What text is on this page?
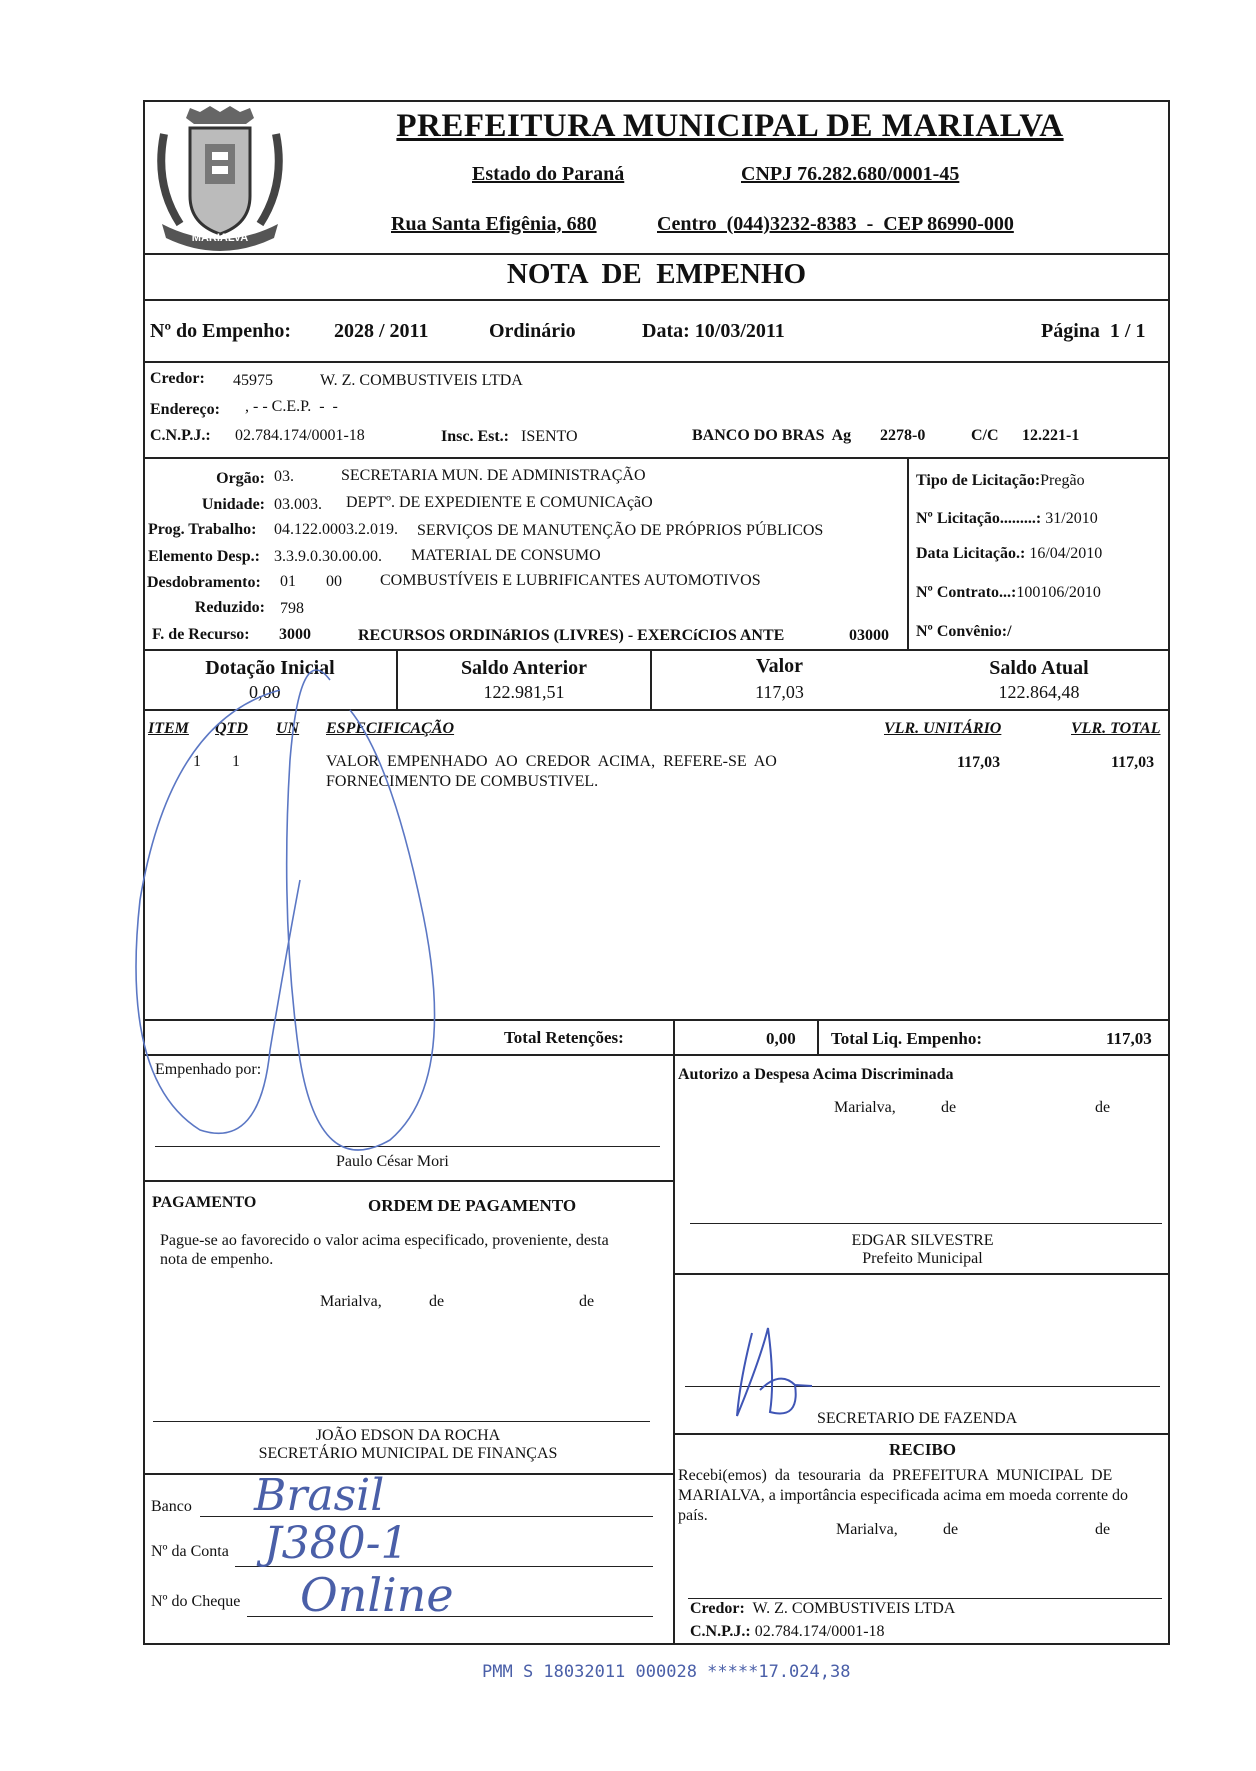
MARIALVA
PREFEITURA MUNICIPAL DE MARIALVA
Estado do Paraná	CNPJ 76.282.680/0001-45
Rua Santa Efigênia, 680	Centro  (044)3232-8383  -  CEP 86990-000
NOTA  DE  EMPENHO
Nº do Empenho: 2028 / 2011	Ordinário	Data: 10/03/2011	Página  1 / 1
Credor: 45975	W. Z. COMBUSTIVEIS LTDA
Endereço: , - - C.E.P.  -  -
C.N.P.J.: 02.784.174/0001-18	Insc. Est.: ISENTO	BANCO DO BRAS  Ag 2278-0	C/C 12.221-1
Orgão: 03.	SECRETARIA MUN. DE ADMINISTRAÇÃO
Unidade: 03.003. DEPTº. DE EXPEDIENTE E COMUNICAçãO
Prog. Trabalho: 04.122.0003.2.019. SERVIÇOS DE MANUTENÇÃO DE PRÓPRIOS PÚBLICOS
Elemento Desp.: 3.3.9.0.30.00.00. MATERIAL DE CONSUMO
Desdobramento: 01 00 COMBUSTÍVEIS E LUBRIFICANTES AUTOMOTIVOS
Reduzido: 798
F. de Recurso: 3000	RECURSOS ORDINáRIOS (LIVRES) - EXERCíCIOS ANTE	03000
Tipo de Licitação:Pregão
Nº Licitação.........: 31/2010
Data Licitação.: 16/04/2010
Nº Contrato...:100106/2010
Nº Convênio:/
Dotação Inicial
0,00
Saldo Anterior
122.981,51
Valor
117,03
Saldo Atual
122.864,48
ITEM QTD UN ESPECIFICAÇÃO	VLR. UNITÁRIO	VLR. TOTAL
1 1	VALOR  EMPENHADO  AO  CREDOR  ACIMA,  REFERE-SE  AO
FORNECIMENTO DE COMBUSTIVEL.
117,03	117,03
Total Retenções:	0,00 Total Liq. Empenho:	117,03
Empenhado por:
Paulo César Mori
Autorizo a Despesa Acima Discriminada
Marialva,	de	de
EDGAR SILVESTRE
Prefeito Municipal
SECRETARIO DE FAZENDA
PAGAMENTO	ORDEM DE PAGAMENTO
Pague-se ao favorecido o valor acima especificado, proveniente, desta
nota de empenho.
Marialva,	de	de
JOÃO EDSON DA ROCHA
SECRETÁRIO MUNICIPAL DE FINANÇAS
Banco Brasil
Nº da Conta J380-1
Nº do Cheque Online
RECIBO
Recebi(emos)  da  tesouraria  da  PREFEITURA  MUNICIPAL  DE
MARIALVA, a importância especificada acima em moeda corrente do
país.
Marialva,	de	de
Credor: W. Z. COMBUSTIVEIS LTDA
C.N.P.J.: 02.784.174/0001-18
PMM S 18032011 000028 *****17.024,38
